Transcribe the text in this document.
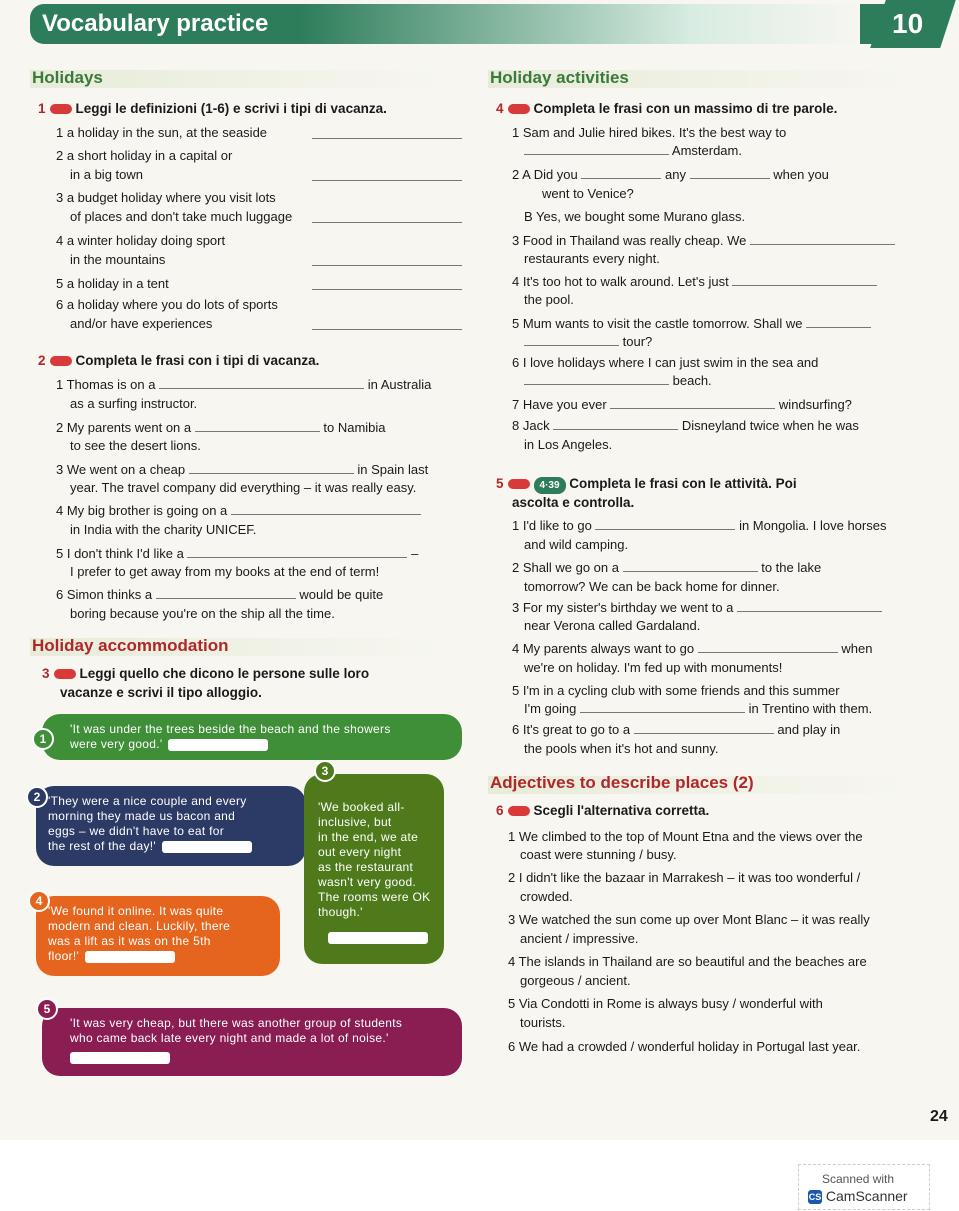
Vocabulary practice	10
Holidays
1 Leggi le definizioni (1-6) e scrivi i tipi di vacanza.
1 a holiday in the sun, at the seaside
2 a short holiday in a capital or
in a big town
3 a budget holiday where you visit lots
of places and don't take much luggage
4 a winter holiday doing sport
in the mountains
5 a holiday in a tent
6 a holiday where you do lots of sports
and/or have experiences
2 Completa le frasi con i tipi di vacanza.
1 Thomas is on a	in Australia
as a surfing instructor.
2 My parents went on a	to Namibia
to see the desert lions.
3 We went on a cheap	in Spain last
year. The travel company did everything – it was really easy.
4 My big brother is going on a
in India with the charity UNICEF.
5 I don't think I'd like a	–
I prefer to get away from my books at the end of term!
6 Simon thinks a	would be quite
boring because you're on the ship all the time.
Holiday accommodation
3 Leggi quello che dicono le persone sulle loro
vacanze e scrivi il tipo alloggio.
'It was under the trees beside the beach and the showers
were very good.'
1
'They were a nice couple and every
morning they made us bacon and
eggs – we didn't have to eat for
the rest of the day!'
2
'We booked all-
inclusive, but
in the end, we ate
out every night
as the restaurant
wasn't very good.
The rooms were OK
though.'
3
'We found it online. It was quite
modern and clean. Luckily, there
was a lift as it was on the 5th
floor!'
4
'It was very cheap, but there was another group of students
who came back late every night and made a lot of noise.'
5
Holiday activities
4 Completa le frasi con un massimo di tre parole.
1 Sam and Julie hired bikes. It's the best way to
Amsterdam.
2 A Did you	any	when you
went to Venice?
B Yes, we bought some Murano glass.
3 Food in Thailand was really cheap. We
restaurants every night.
4 It's too hot to walk around. Let's just
the pool.
5 Mum wants to visit the castle tomorrow. Shall we
tour?
6 I love holidays where I can just swim in the sea and
beach.
7 Have you ever	windsurfing?
8 Jack	Disneyland twice when he was
in Los Angeles.
5	4·39 Completa le frasi con le attività. Poi
ascolta e controlla.
1 I'd like to go	in Mongolia. I love horses
and wild camping.
2 Shall we go on a	to the lake
tomorrow? We can be back home for dinner.
3 For my sister's birthday we went to a
near Verona called Gardaland.
4 My parents always want to go	when
we're on holiday. I'm fed up with monuments!
5 I'm in a cycling club with some friends and this summer
I'm going	in Trentino with them.
6 It's great to go to a	and play in
the pools when it's hot and sunny.
Adjectives to describe places (2)
6 Scegli l'alternativa corretta.
1 We climbed to the top of Mount Etna and the views over the
coast were stunning / busy.
2 I didn't like the bazaar in Marrakesh – it was too wonderful /
crowded.
3 We watched the sun come up over Mont Blanc – it was really
ancient / impressive.
4 The islands in Thailand are so beautiful and the beaches are
gorgeous / ancient.
5 Via Condotti in Rome is always busy / wonderful with
tourists.
6 We had a crowded / wonderful holiday in Portugal last year.
24
Scanned with
CS CamScanner
